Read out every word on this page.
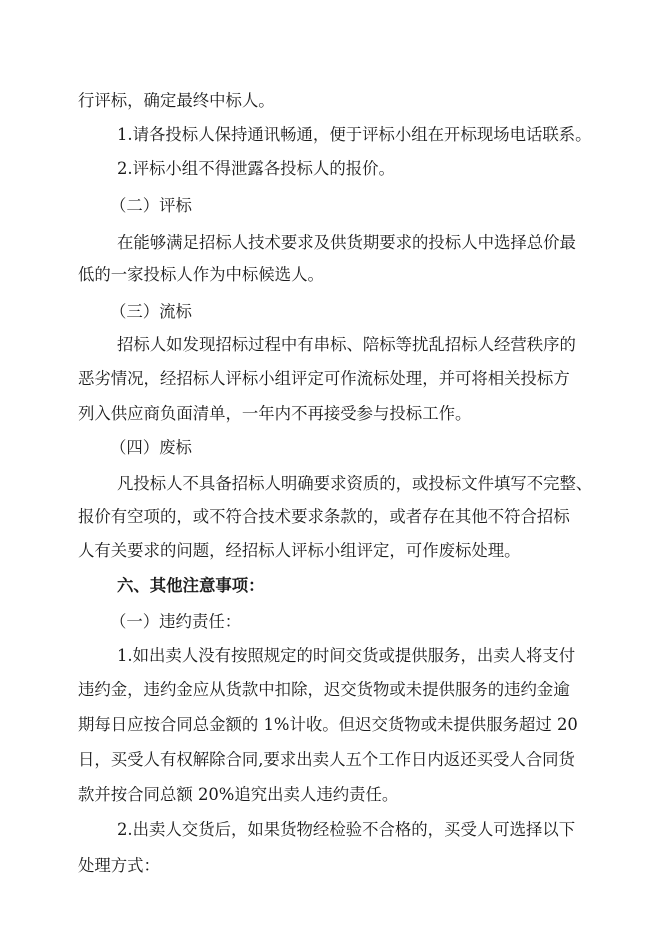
行评标，确定最终中标人。
1.请各投标人保持通讯畅通，便于评标小组在开标现场电话联系。
2.评标小组不得泄露各投标人的报价。
（二）评标
在能够满足招标人技术要求及供货期要求的投标人中选择总价最
低的一家投标人作为中标候选人。
（三）流标
招标人如发现招标过程中有串标、陪标等扰乱招标人经营秩序的
恶劣情况，经招标人评标小组评定可作流标处理，并可将相关投标方
列入供应商负面清单，一年内不再接受参与投标工作。
（四）废标
凡投标人不具备招标人明确要求资质的，或投标文件填写不完整、
报价有空项的，或不符合技术要求条款的，或者存在其他不符合招标
人有关要求的问题，经招标人评标小组评定，可作废标处理。
六、其他注意事项：
（一）违约责任：
1.如出卖人没有按照规定的时间交货或提供服务，出卖人将支付
违约金，违约金应从货款中扣除，迟交货物或未提供服务的违约金逾
期每日应按合同总金额的 1%计收。但迟交货物或未提供服务超过 20
日，买受人有权解除合同,要求出卖人五个工作日内返还买受人合同货
款并按合同总额 20%追究出卖人违约责任。
2.出卖人交货后，如果货物经检验不合格的，买受人可选择以下
处理方式：
